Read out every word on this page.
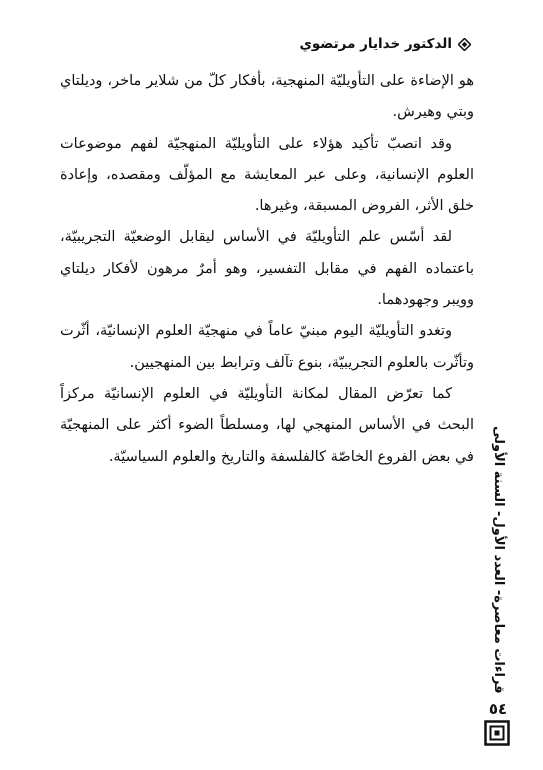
الدكتور خدايار مرتضوي

هو الإضاءة على التأويليّة المنهجية، بأفكار كلّ من شلاير ماخر، وديلتاي وبتي وهيرش.

وقد انصبّ تأكيد هؤلاء على التأويليّة المنهجيّة لفهم موضوعات العلوم الإنسانية، وعلى عبر المعايشة مع المؤلّف ومقصده، وإعادة خلق الأثر، الفروض المسبقة، وغيرها.

لقد أسّس علم التأويليّة في الأساس ليقابل الوضعيّة التجريبيّة، باعتماده الفهم في مقابل التفسير، وهو أمرٌ مرهون لأفكار ديلتاي وويبر وجهودهما.

وتغدو التأويليّة اليوم مبنيّ عاماً في منهجيّة العلوم الإنسانيّة، أثّرت وتأثّرت بالعلوم التجريبيّة، بنوع تآلف وترابط بين المنهجيين.

كما تعرّض المقال لمكانة التأويليّة في العلوم الإنسانيّة مركزاً البحث في الأساس المنهجي لها، ومسلطاً الضوء أكثر على المنهجيّة في بعض الفروع الخاصّة كالفلسفة والتاريخ والعلوم السياسيّة. قراءات معاصرة- العدد الأول- السنة الأولى
٥٤
